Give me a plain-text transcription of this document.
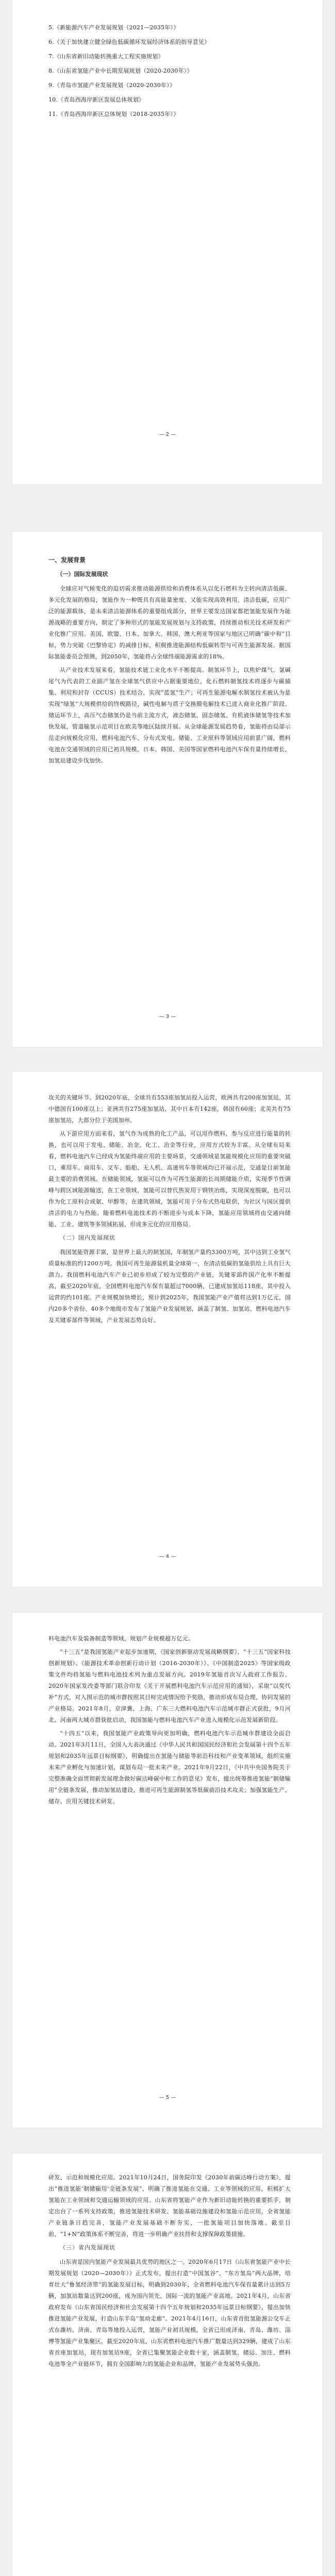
5.《新能源汽车产业发展规划（2021—2035年）》
6.《关于加快建立健全绿色低碳循环发展经济体系的指导意见》
7.《山东省新旧动能转换重大工程实施规划》
8.《山东省氢能产业中长期发展规划（2020-2030年）》
9.《青岛市氢能产业发展规划（2020-2030年）》
10.《青岛西海岸新区发展总体规划》
11.《青岛西海岸新区总体规划（2018-2035年）》
— 2 —
一、发展背景
（一）国际发展现状

全球应对气候变化的迫切需求推动能源供给和消费体系从以化石燃料为主转向清洁低碳、多元化发展的格局，氢能作为一种既具有高能量密度、又能实现高效利用、清洁低碳，应用广泛的能源载体，是未来清洁能源体系的重要组成部分，世界主要发达国家都把氢能发展作为能源战略的重要方向，制定了多种形式的氢能发展规划与支持政策，持续推动相关技术研发和产业化推广应用。美国、欧盟、日本、加拿大、韩国、澳大利亚等国家与地区已明确“碳中和”目标，势力突破《巴黎协定》的减排目标，积极推进能源结构低碳转型与可再生能源发展。据国际氢能委员会预测，到2050年，氢能将占全球终端能源需求的18%。

从产业技术发展来看，氢能技术链工业化水平不断提高。制氢环节上，以焦炉煤气、氯碱尾气为代表的工业副产氢在全球氢气供应中占据重要地位，化石燃料制氢技术将逐步与碳捕集、利用和封存（CCUS）技术结合，实现“蓝氢”生产；可再生能源电解水制氢技术被认为是实现“绿氢”大规模供给的终极路径，碱性电解与质子交换膜电解技术已进入商业化推广阶段。储运环节上，高压气态储氢仍是当前主流方式，液态储氢、固态储氢、有机液体储氢等技术加快发展，管道输氢示范项目在欧美等地区陆续开展。从全球能源发展趋势看，氢能将由局部示范走向规模化应用，燃料电池汽车、分布式发电、储能、工业原料等领域应用前景广阔，燃料电池在交通领域的应用已初具规模，日本、韩国、美国等国家燃料电池汽车保有量持续增长，加氢站建设步伐加快。

— 3 —

攻关的关键环节。到2020年底，全球共有553座加氢站投入运营，欧洲共有200座加氢站，其中德国有100座以上；亚洲共有275座加氢站，其中日本有142座，韩国有60座；北美共有75座加氢站，大部分位于美国加州。

从下游应用方面来看，氢气作为成熟的化工产品，可以用作燃料，参与反应进行能量的转换，也可以用于发电、储能、冶金、化工、冶金等行业，应用方式较为丰富。从全球布局来看，燃料电池汽车已经成为氢能终端应用的主要场景，交通领域是氢能规模化应用的重要突破口，乘用车、商用车、叉车、船舶、无人机、高速列车等领域均已开展示范，交通是目前氢能最主要的消费领域。在储能领域，氢能可以作为可再生能源的长周期储能介质，实现季节性调峰与跨区域能源输送，在工业领域，氢能可以替代焦炭用于钢铁冶炼，实现深度脱碳，也可以作为化工原料合成氨、甲醇等，在建筑领域，氢能可用于分布式热电联供，为社区与园区提供清洁的电力与热能。随着燃料电池技术的不断进步与成本下降，氢能应用领域将由交通向储能、工业、建筑等多领域拓展，形成多元化的应用格局。

（二）国内发展现状

我国氢能资源丰富，是世界上最大的制氢国，年制氢产量约3300万吨，其中达到工业氢气质量标准的约1200万吨。我国可再生能源装机量全球第一，在清洁低碳的氢能供给上具有巨大潜力。我国燃料电池汽车产业已初步形成了较为完整的产业链，关键零部件国产化率不断提高，截至2020年底，全国燃料电池汽车保有量超过7000辆，已建成加氢站118座，其中投入运营的约101座。产业规模加快增长，预计到2025年，我国氢能产业产值将达到1万亿元，国内20多个省份、40多个地级市发布了氢能产业发展规划，涵盖了制氢、加氢站、燃料电池汽车及关键零部件等领域，产业发展态势良好。

— 4 —

料电池汽车及装备制造等领域，规划产业规模超万亿元。

“十三五”是我国氢能产业起步加速期，《国家创新驱动发展战略纲要》、“十三五”国家科技创新规划》、《能源技术革命创新行动计划（2016-2030年）》、《中国制造2025》等国家级政策文件均将氢能与燃料电池技术列为重点发展方向。2019年氢能首次写入政府工作报告。2020年国家发改委等部门联合印发《关于开展燃料电池汽车示范应用的通知》，采取“以奖代补”方式，对入围示范的城市群按照其目标完成情况给予奖励，推动形成布局合理、协同发展的产业格局。2021年8月，京津冀、上海、广东三大燃料电池汽车示范城市群正式获批，9月河北、河南两大城市群获批启动，我国氢能与燃料电池汽车产业进入规模化示范发展新阶段。

“十四五”以来，我国氢能产业政策导向更加明确，燃料电池汽车示范城市群建设全面启动。2021年3月11日，全国人大表决通过《中华人民共和国国民经济和社会发展第十四个五年规划和2035年远景目标纲要》，明确提出在氢能与储能等前沿科技和产业变革领域，组织实施未来产业孵化与加速计划，谋划布局一批未来产业。2021年9月22日，《中共中央国务院关于完整准确全面贯彻新发展理念做好碳达峰碳中和工作的意见》发布，提出统筹推进氢能“制储输用”全链条发展，推动加氢站建设，推进可再生能源制氢等低碳前沿技术攻关；加强氢能生产、储存、应用关键技术研发。

— 5 —

研发、示范和规模化应用。2021年10月24日，国务院印发《2030年前碳达峰行动方案》，提出“推进氢能‘制储输用’全链条发展”，明确了推进氢能在交通、工业等领域的应用，积极扩大氢能在工业领域和交通运输领域的应用。山东省将氢能产业作为新旧动能转换的重要抓手，制定出台了一系列支持政策，推进氢能技术研发、氢能基础设施建设和氢能示范应用，全省氢能产业链条日趋完善，氢能产业发展基础不断夯实，一批氢能项目加快落地。截至目前，“1+N”政策体系不断完善，将进一步明确产业扶持和支撑保障政策措施。

（三）省内发展现状

山东省是国内氢能产业发展最具优势的地区之一。2020年6月17日《山东省氢能产业中长期发展规划（2020—2030年）》正式发布，提出打造“中国氢谷”、“东方氢岛”两大品牌，培育壮大“鲁氢经济带”的氢能发展目标，明确到2030年，全省燃料电池汽车保有量累计达到5万辆，加氢站数量达到200座，成为国内领先、国际一流的氢能产业高地。2021年4月，山东省政府发布《山东省国民经济和社会发展第十四个五年规划和2035年远景目标纲要》，提出加快推进氢能产业发展，打造山东半岛“氢动走廊”。2021年4月16日，山东省首批氢能源公交车正式在潍坊、济南、青岛等地投入运营，氢能产业初具规模，全省已形成济南、青岛、潍坊、淄博等氢能产业集聚区。截至2020年底，山东省燃料电池汽车推广数量达到329辆，建成了山东省首座加氢站，现有加氢站9座，全省已集聚氢能企业数十家，涵盖制氢、储运、加注、燃料电池等全产业链环节，拥有全国影响力的氢能企业和品牌，氢能产业发展势头强劲。
